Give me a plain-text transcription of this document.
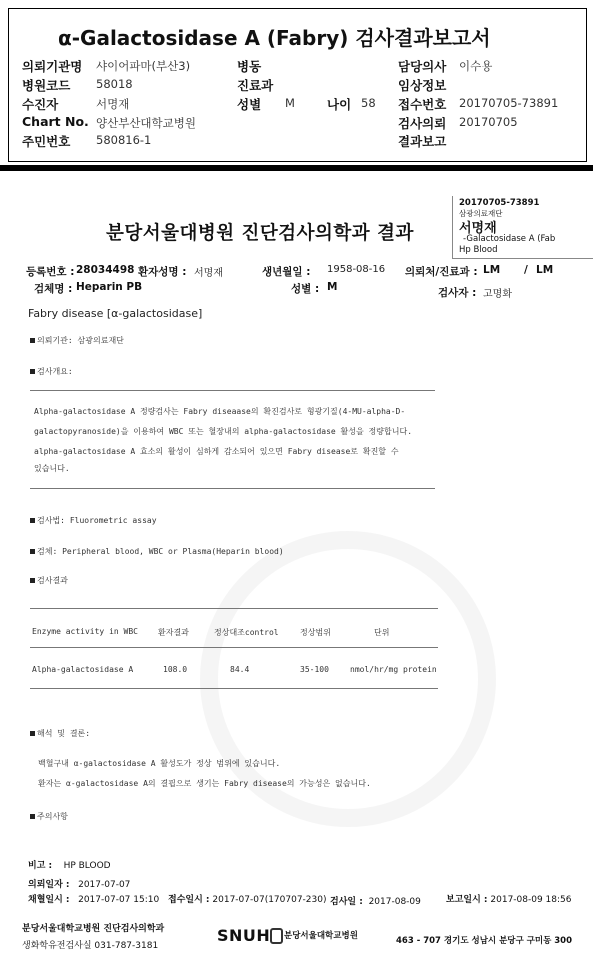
α-Galactosidase A (Fabry) 검사결과보고서
의뢰기관명 샤이어파마(부산3)	병동	담당의사 이수용
병원코드 58018	진료과	임상정보
수진자	서명재	성별 M	나이 58 접수번호 20170705-73891
Chart No. 양산부산대학교병원	검사의뢰 20170705
주민번호 580816-1	결과보고
20170705-73891
삼광의료재단
서명재
-Galactosidase A (Fab
Hp Blood
분당서울대병원 진단검사의학과 결과
등록번호 : 28034498 환자성명 : 서명재	생년월일 : 1958-08-16 의뢰처/진료과 : LM / LM
검체명 : Heparin PB	성별 : M	검사자 : 고명화
Fabry disease [α-galactosidase]
의뢰기관: 삼광의료재단
검사개요:
Alpha-galactosidase A 정량검사는 Fabry diseaase의 확진검사로 형광기질(4-MU-alpha-D-
galactopyranoside)을 이용하여 WBC 또는 혈장내의 alpha-galactosidase 활성을 정량합니다.
alpha-galactosidase A 효소의 활성이 심하게 감소되어 있으면 Fabry disease로 확진할 수
있습니다.
검사법: Fluorometric assay
검체: Peripheral blood, WBC or Plasma(Heparin blood)
검사결과
Enzyme activity in WBC	환자결과	정상대조control	정상범위	단위
Alpha-galactosidase A	108.0	84.4	35-100	nmol/hr/mg protein
해석 및 결론:
백혈구내 α-galactosidase A 활성도가 정상 범위에 있습니다.
환자는 α-galactosidase A의 결핍으로 생기는 Fabry disease의 가능성은 없습니다.
주의사항
비고 : HP BLOOD
의뢰일자 : 2017-07-07
채혈일시 : 2017-07-07 15:10 접수일시 : 2017-07-07(170707-230) 검사일 : 2017-08-09	보고일시 : 2017-08-09 18:56
분당서울대학교병원 진단검사의학과
생화학유전검사실 031-787-3181
SNUH 분당서울대학교병원	463 - 707 경기도 성남시 분당구 구미동 300
